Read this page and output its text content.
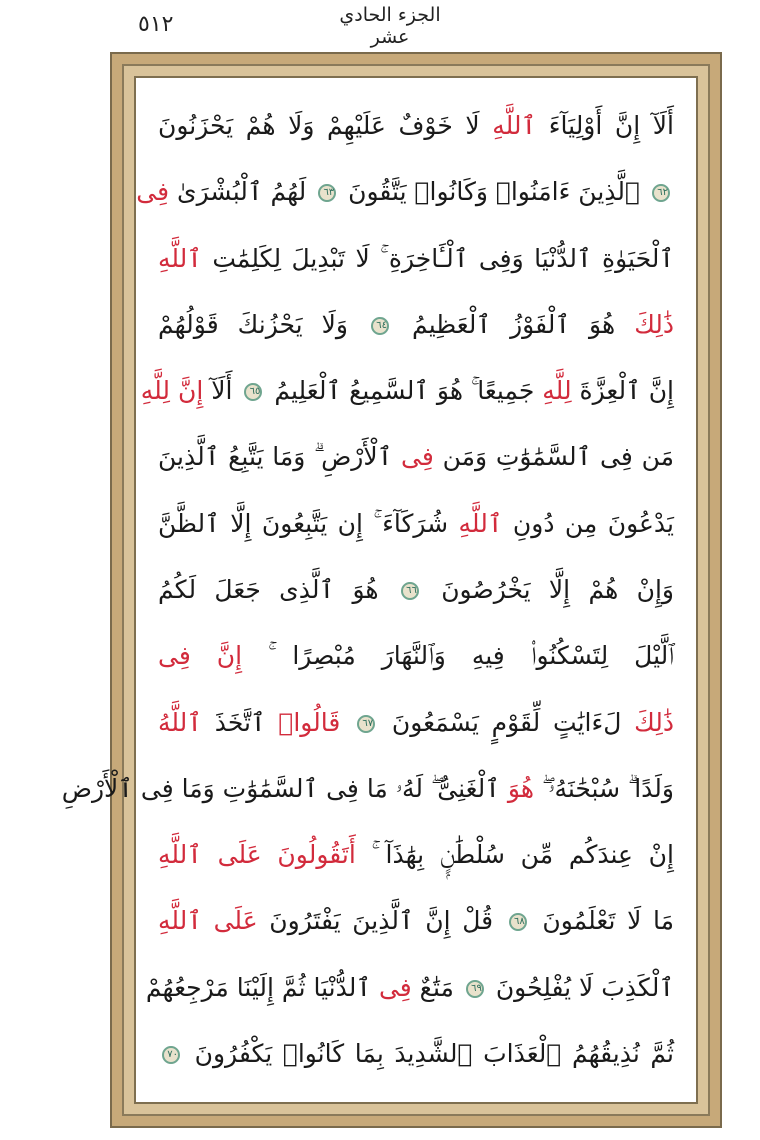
٢١٥	الجزء الحادي عشر
أَلَآ إِنَّ أَوْلِيَآءَ ٱللَّهِ لَا خَوْفٌ عَلَيْهِمْ وَلَا هُمْ يَحْزَنُونَ
٦٢ ٱلَّذِينَ ءَامَنُوا۟ وَكَانُوا۟ يَتَّقُونَ ٦٣ لَهُمُ ٱلْبُشْرَىٰ فِى
ٱلْحَيَوٰةِ ٱلدُّنْيَا وَفِى ٱلْـَٔاخِرَةِ ۚ لَا تَبْدِيلَ لِكَلِمَٰتِ ٱللَّهِ
ذَٰلِكَ هُوَ ٱلْفَوْزُ ٱلْعَظِيمُ ٦٤ وَلَا يَحْزُنكَ قَوْلُهُمْ
إِنَّ ٱلْعِزَّةَ لِلَّهِ جَمِيعًا ۚ هُوَ ٱلسَّمِيعُ ٱلْعَلِيمُ ٦٥ أَلَآ إِنَّ لِلَّهِ
مَن فِى ٱلسَّمَٰوَٰتِ وَمَن فِى ٱلْأَرْضِ ۗ وَمَا يَتَّبِعُ ٱلَّذِينَ
يَدْعُونَ مِن دُونِ ٱللَّهِ شُرَكَآءَ ۚ إِن يَتَّبِعُونَ إِلَّا ٱلظَّنَّ
وَإِنْ هُمْ إِلَّا يَخْرُصُونَ ٦٦ هُوَ ٱلَّذِى جَعَلَ لَكُمُ
ٱلَّيْلَ لِتَسْكُنُوا۟ فِيهِ وَٱلنَّهَارَ مُبْصِرًا ۚ إِنَّ فِى
ذَٰلِكَ لَءَايَٰتٍ لِّقَوْمٍ يَسْمَعُونَ ٦٧ قَالُوا۟ ٱتَّخَذَ ٱللَّهُ
وَلَدًا ۗ سُبْحَٰنَهُۥ ۖ هُوَ ٱلْغَنِىُّ ۖ لَهُۥ مَا فِى ٱلسَّمَٰوَٰتِ وَمَا فِى ٱلْأَرْضِ
إِنْ عِندَكُم مِّن سُلْطَٰنٍۭ بِهَٰذَآ ۚ أَتَقُولُونَ عَلَى ٱللَّهِ
مَا لَا تَعْلَمُونَ ٦٨ قُلْ إِنَّ ٱلَّذِينَ يَفْتَرُونَ عَلَى ٱللَّهِ
ٱلْكَذِبَ لَا يُفْلِحُونَ ٦٩ مَتَٰعٌ فِى ٱلدُّنْيَا ثُمَّ إِلَيْنَا مَرْجِعُهُمْ
ثُمَّ نُذِيقُهُمُ ٱلْعَذَابَ ٱلشَّدِيدَ بِمَا كَانُوا۟ يَكْفُرُونَ ٧٠
